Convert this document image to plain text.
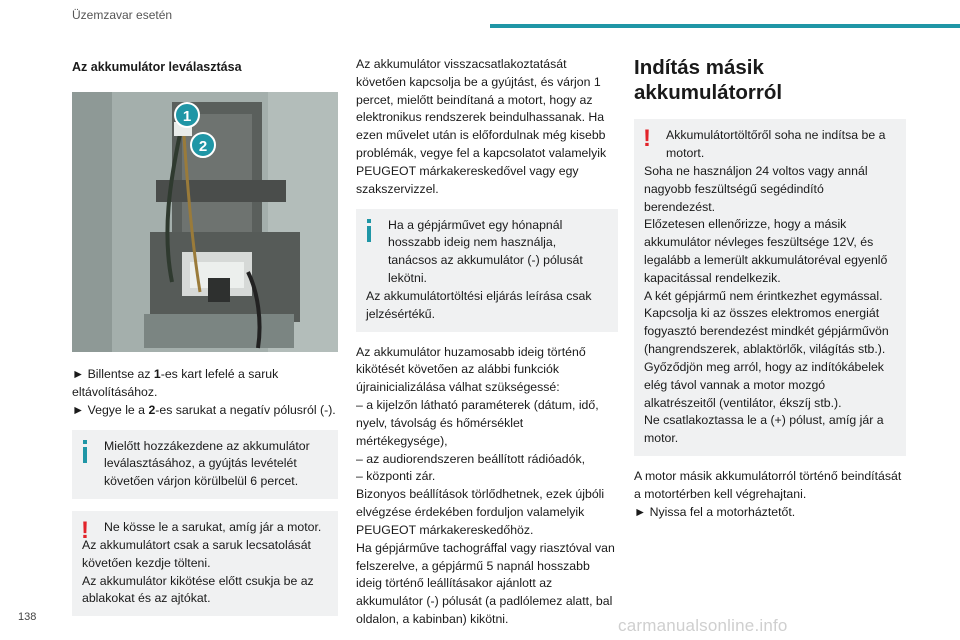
Üzemzavar esetén
Az akkumulátor leválasztása
1
2

► Billentse az 1-es kart lefelé a saruk eltávolításához.

► Vegye le a 2-es sarukat a negatív pólusról (-).

Mielőtt hozzákezdene az akkumulátor leválasztásához, a gyújtás levételét követően várjon körülbelül 6 percet.

!	Ne kösse le a sarukat, amíg jár a motor.

Az akkumulátort csak a saruk lecsatolását követően kezdje tölteni.

Az akkumulátor kikötése előtt csukja be az ablakokat és az ajtókat.

Az akkumulátor visszacsatlakoztatását követően kapcsolja be a gyújtást, és várjon 1 percet, mielőtt beindítaná a motort, hogy az elektronikus rendszerek beindulhassanak. Ha ezen művelet után is előfordulnak még kisebb problémák, vegye fel a kapcsolatot valamelyik PEUGEOT márkakereskedővel vagy egy szakszervizzel.

Ha a gépjárművet egy hónapnál hosszabb ideig nem használja, tanácsos az akkumulátor (-) pólusát lekötni.

Az akkumulátortöltési eljárás leírása csak jelzésértékű.

Az akkumulátor huzamosabb ideig történő kikötését követően az alábbi funkciók újrainicializálása válhat szükségessé:

– a kijelzőn látható paraméterek (dátum, idő, nyelv, távolság és hőmérséklet mértékegysége),

– az audiorendszeren beállított rádióadók,

– központi zár.

Bizonyos beállítások törlődhetnek, ezek újbóli elvégzése érdekében forduljon valamelyik PEUGEOT márkakereskedőhöz.

Ha gépjárműve tachográffal vagy riasztóval van felszerelve, a gépjármű 5 napnál hosszabb ideig történő leállításakor ajánlott az akkumulátor (-) pólusát (a padlólemez alatt, bal oldalon, a kabinban) kikötni.

Indítás másik akkumulátorról
!	Akkumulátortöltőről soha ne indítsa be a motort.

Soha ne használjon 24 voltos vagy annál nagyobb feszültségű segédindító berendezést.

Előzetesen ellenőrizze, hogy a másik akkumulátor névleges feszültsége 12V, és legalább a lemerült akkumulátoréval egyenlő kapacitással rendelkezik.

A két gépjármű nem érintkezhet egymással.

Kapcsolja ki az összes elektromos energiát fogyasztó berendezést mindkét gépjárművön (hangrendszerek, ablaktörlők, világítás stb.).

Győződjön meg arról, hogy az indítókábelek elég távol vannak a motor mozgó alkatrészeitől (ventilátor, ékszíj stb.).

Ne csatlakoztassa le a (+) pólust, amíg jár a motor.

A motor másik akkumulátorról történő beindítását a motortérben kell végrehajtani.

► Nyissa fel a motorháztetőt.

138	carmanualsonline.info
